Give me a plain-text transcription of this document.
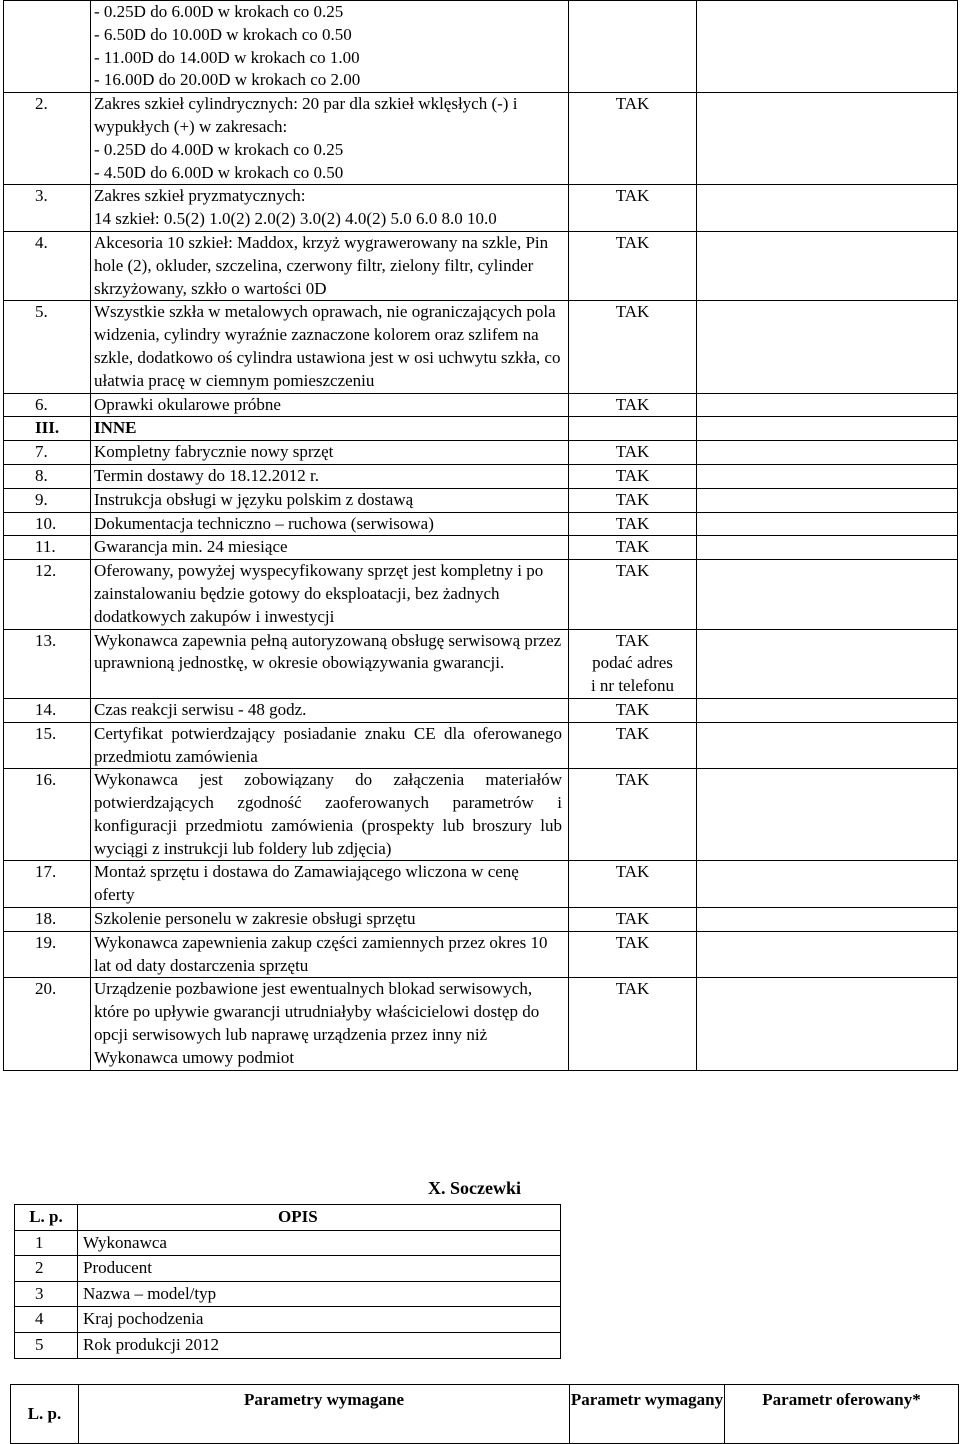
	- 0.25D do 6.00D w krokach co 0.25
- 6.50D do 10.00D w krokach co 0.50
- 11.00D do 14.00D w krokach co 1.00
- 16.00D do 20.00D w krokach co 2.00		

2.	Zakres szkieł cylindrycznych: 20 par dla szkieł wklęsłych (-) i wypukłych (+) w zakresach:
- 0.25D do 4.00D w krokach co 0.25
- 4.50D do 6.00D w krokach co 0.50	TAK	
3.	Zakres szkieł pryzmatycznych:
14 szkieł: 0.5(2) 1.0(2) 2.0(2) 3.0(2) 4.0(2) 5.0 6.0 8.0 10.0	TAK	
4.	Akcesoria 10 szkieł: Maddox, krzyż wygrawerowany na szkle, Pin hole (2), okluder, szczelina, czerwony filtr, zielony filtr, cylinder skrzyżowany, szkło o wartości 0D	TAK	
5.	Wszystkie szkła w metalowych oprawach, nie ograniczających pola widzenia, cylindry wyraźnie zaznaczone kolorem oraz szlifem na szkle, dodatkowo oś cylindra ustawiona jest w osi uchwytu szkła, co ułatwia pracę w ciemnym pomieszczeniu	TAK	
6.	Oprawki okularowe próbne	TAK	
III.	INNE		
7.	Kompletny fabrycznie nowy sprzęt	TAK	
8.	Termin dostawy do 18.12.2012 r.	TAK	
9.	Instrukcja obsługi w języku polskim z dostawą	TAK	
10.	Dokumentacja techniczno – ruchowa (serwisowa)	TAK	
11.	Gwarancja min. 24 miesiące	TAK	
12.	Oferowany, powyżej wyspecyfikowany sprzęt jest kompletny i po zainstalowaniu będzie gotowy do eksploatacji, bez żadnych dodatkowych zakupów i inwestycji	TAK	
13.	Wykonawca zapewnia pełną autoryzowaną obsługę serwisową przez uprawnioną jednostkę, w okresie obowiązywania gwarancji.	TAK
podać adres
i nr telefonu	

14.	Czas reakcji serwisu - 48 godz.	TAK	
15.	Certyfikat potwierdzający posiadanie znaku CE dla oferowanego przedmiotu zamówienia	TAK	
16.	Wykonawca jest zobowiązany do załączenia materiałów potwierdzających zgodność zaoferowanych parametrów i konfiguracji przedmiotu zamówienia (prospekty lub broszury lub wyciągi z instrukcji lub foldery lub zdjęcia)	TAK	
17.	Montaż sprzętu i dostawa do Zamawiającego wliczona w cenę oferty	TAK	
18.	Szkolenie personelu w zakresie obsługi sprzętu	TAK	
19.	Wykonawca zapewnienia zakup części zamiennych przez okres 10 lat od daty dostarczenia sprzętu	TAK	
20.	Urządzenie pozbawione jest ewentualnych blokad serwisowych, które po upływie gwarancji utrudniałyby właścicielowi dostęp do opcji serwisowych lub naprawę urządzenia przez inny niż Wykonawca umowy podmiot	TAK	
X. Soczewki
L. p.	OPIS
1	Wykonawca
2	Producent
3	Nazwa – model/typ
4	Kraj pochodzenia
5	Rok produkcji 2012
L. p.	Parametry wymagane	Parametr wymagany	Parametr oferowany*
